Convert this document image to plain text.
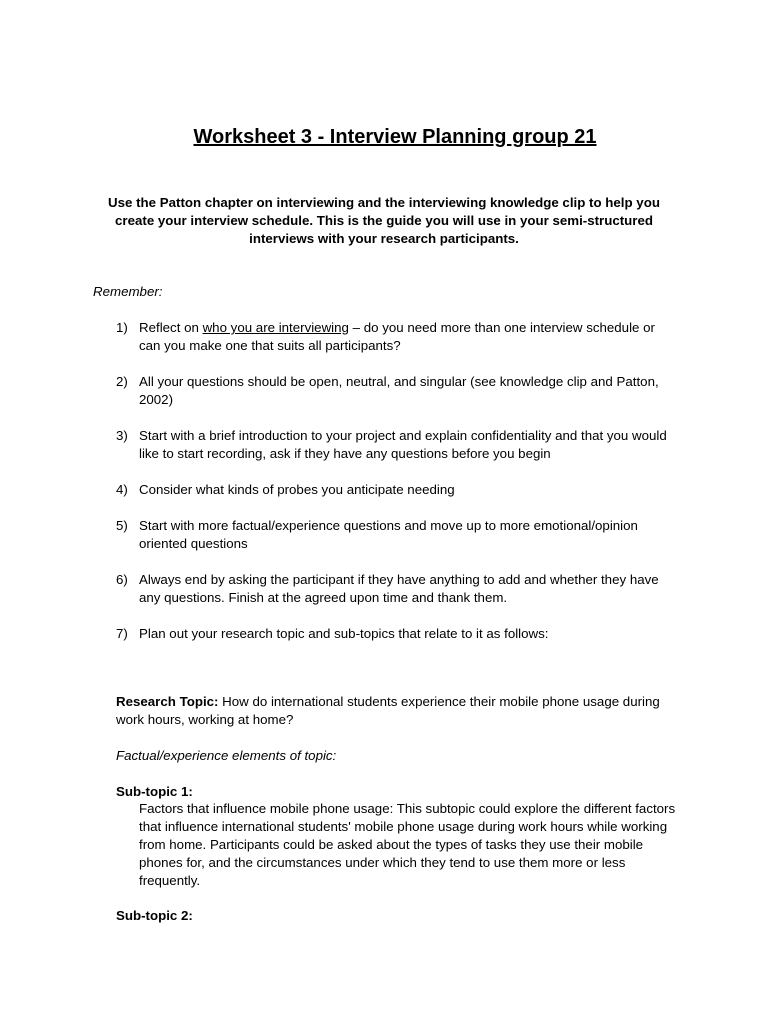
Worksheet 3 - Interview Planning group 21
Use the Patton chapter on interviewing and the interviewing knowledge clip to help you create your interview schedule. This is the guide you will use in your semi-structured interviews with your research participants.
Remember:
1) Reflect on who you are interviewing – do you need more than one interview schedule or can you make one that suits all participants?
2) All your questions should be open, neutral, and singular (see knowledge clip and Patton, 2002)
3) Start with a brief introduction to your project and explain confidentiality and that you would like to start recording, ask if they have any questions before you begin
4) Consider what kinds of probes you anticipate needing
5) Start with more factual/experience questions and move up to more emotional/opinion oriented questions
6) Always end by asking the participant if they have anything to add and whether they have any questions. Finish at the agreed upon time and thank them.
7) Plan out your research topic and sub-topics that relate to it as follows:
Research Topic: How do international students experience their mobile phone usage during work hours, working at home?
Factual/experience elements of topic:
Sub-topic 1:
Factors that influence mobile phone usage: This subtopic could explore the different factors that influence international students' mobile phone usage during work hours while working from home. Participants could be asked about the types of tasks they use their mobile phones for, and the circumstances under which they tend to use them more or less frequently.
Sub-topic 2:
